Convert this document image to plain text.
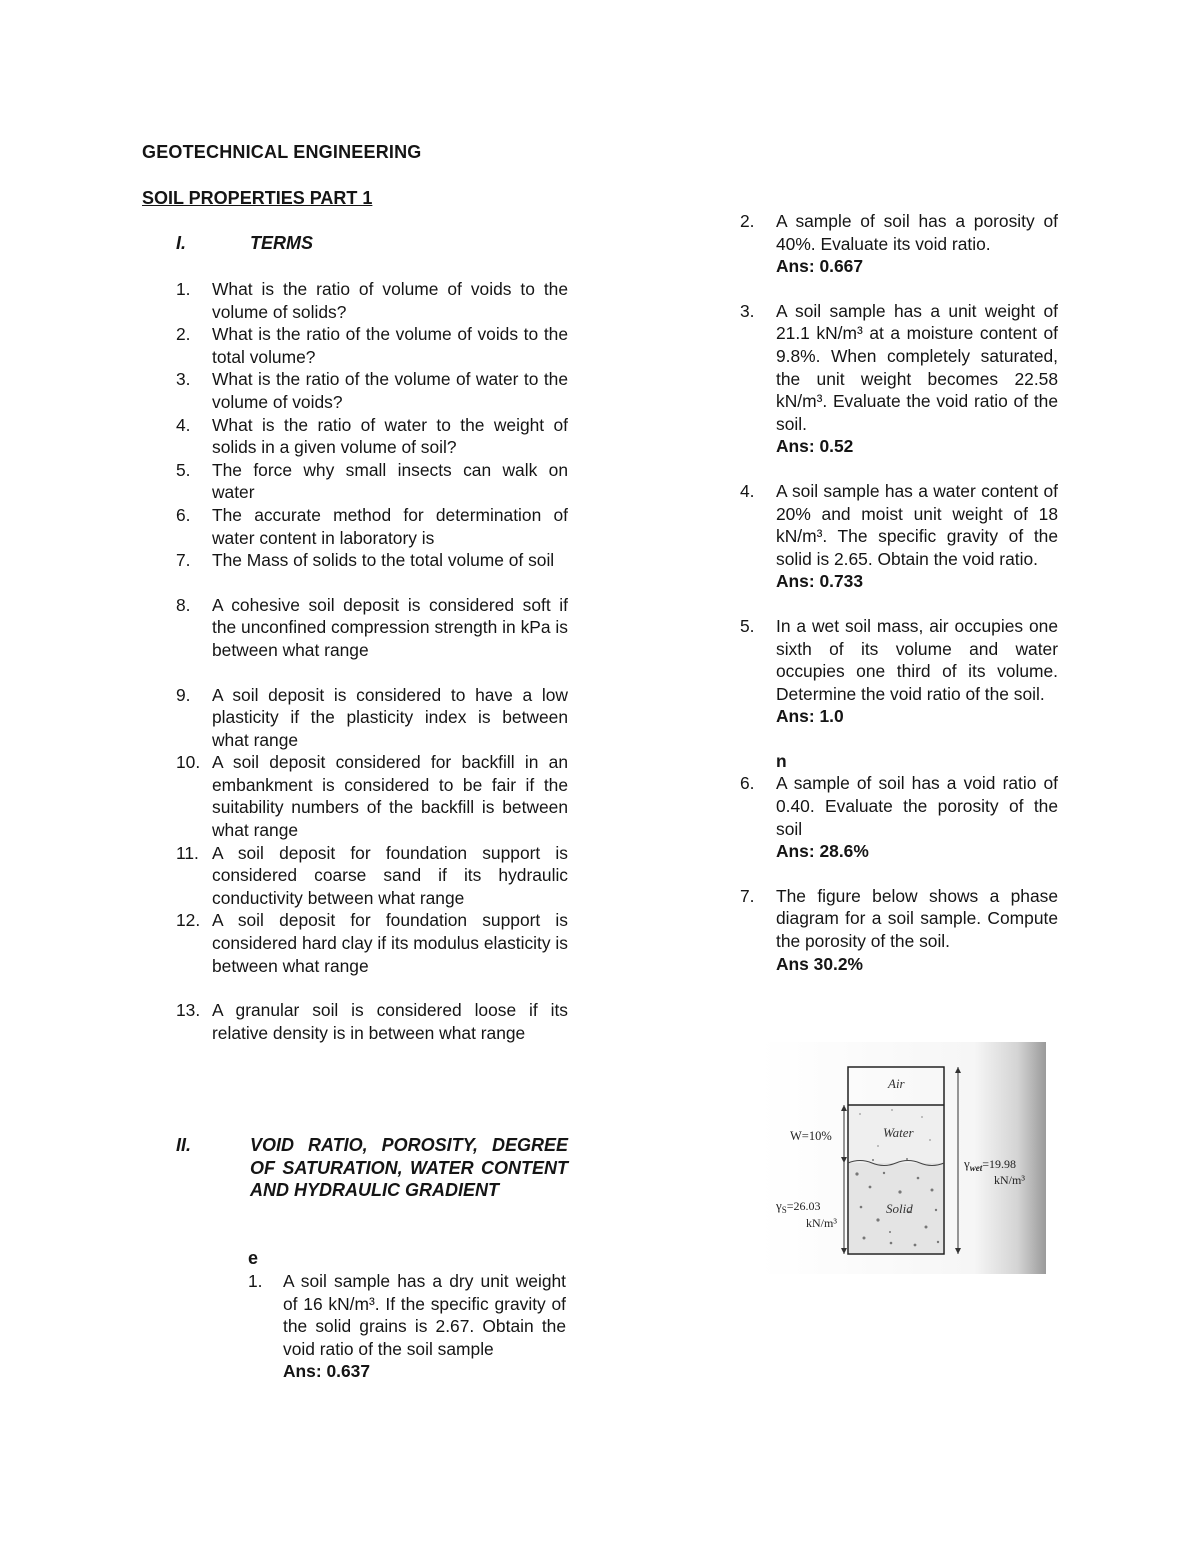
GEOTECHNICAL ENGINEERING
SOIL PROPERTIES PART 1
I.	TERMS
1. What is the ratio of volume of voids to the volume of solids?
2. What is the ratio of the volume of voids to the total volume?
3. What is the ratio of the volume of water to the volume of voids?
4. What is the ratio of water to the weight of solids in a given volume of soil?
5. The force why small insects can walk on water
6. The accurate method for determination of water content in laboratory is
7. The Mass of solids to the total volume of soil
8. A cohesive soil deposit is considered soft if the unconfined compression strength in kPa is between what range
9. A soil deposit is considered to have a low plasticity if the plasticity index is between what range
10. A soil deposit considered for backfill in an embankment is considered to be fair if the suitability numbers of the backfill is between what range
11. A soil deposit for foundation support is considered coarse sand if its hydraulic conductivity between what range
12. A soil deposit for foundation support is considered hard clay if its modulus elasticity is between what range
13. A granular soil is considered loose if its relative density is in between what range
II.	VOID RATIO, POROSITY, DEGREE OF SATURATION, WATER CONTENT AND HYDRAULIC GRADIENT
e
1. A soil sample has a dry unit weight of 16 kN/m³. If the specific gravity of the solid grains is 2.67. Obtain the void ratio of the soil sample
Ans: 0.637
2. A sample of soil has a porosity of 40%. Evaluate its void ratio.
Ans: 0.667
3. A soil sample has a unit weight of 21.1 kN/m³ at a moisture content of 9.8%. When completely saturated, the unit weight becomes 22.58 kN/m³. Evaluate the void ratio of the soil.
Ans: 0.52
4. A soil sample has a water content of 20% and moist unit weight of 18 kN/m³. The specific gravity of the solid is 2.65. Obtain the void ratio.
Ans: 0.733
5. In a wet soil mass, air occupies one sixth of its volume and water occupies one third of its volume. Determine the void ratio of the soil.
Ans: 1.0
n
6. A sample of soil has a void ratio of 0.40. Evaluate the porosity of the soil
Ans: 28.6%
7. The figure below shows a phase diagram for a soil sample. Compute the porosity of the soil.
Ans 30.2%
Air
Water
Solid
W=10%
$\gamma_S=26.03$
kN/m³
$\gamma_{wet}=19.98$
kN/m³
